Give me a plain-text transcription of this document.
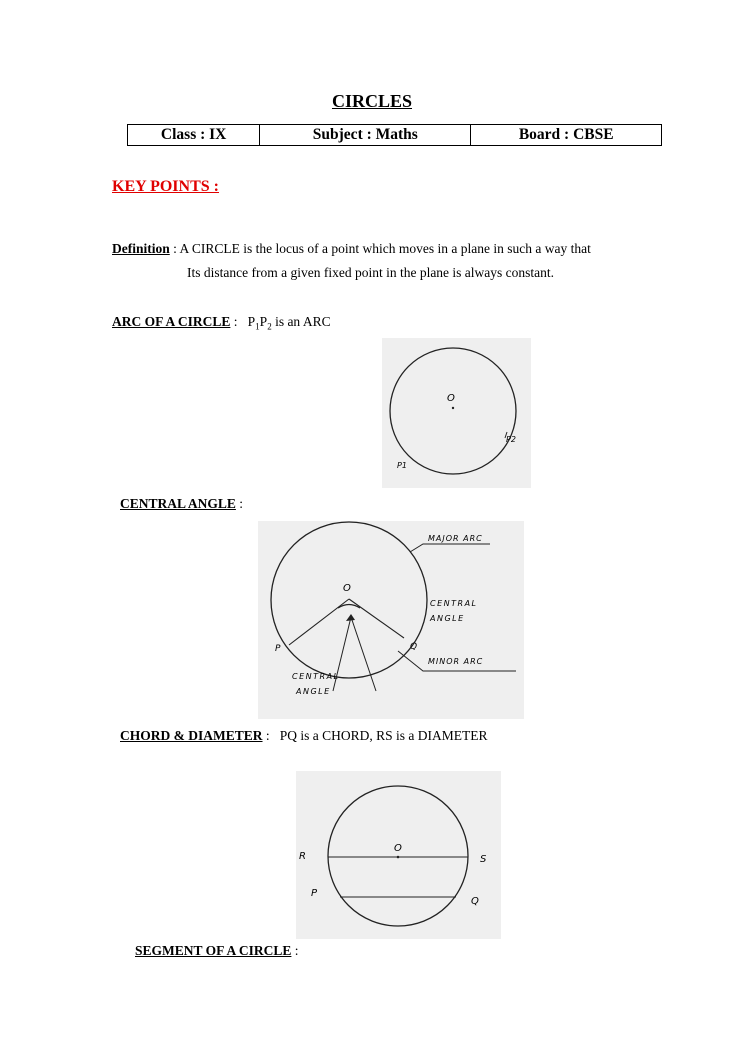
CIRCLES
Class : IX	Subject : Maths	Board : CBSE
KEY POINTS :
Definition : A CIRCLE is the locus of a point which moves in a plane in such a way that
Its distance from a given fixed point in the plane is always constant.
ARC OF A CIRCLE : $P_1P_2$ is an ARC
O
P1
P2
CENTRAL ANGLE :
O
P	Q
MAJOR ARC
CENTRAL
ANGLE
MINOR ARC
CENTRAL
ANGLE
CHORD & DIAMETER : PQ is a CHORD, RS is a DIAMETER
O
R	S
P
Q
SEGMENT OF A CIRCLE :
